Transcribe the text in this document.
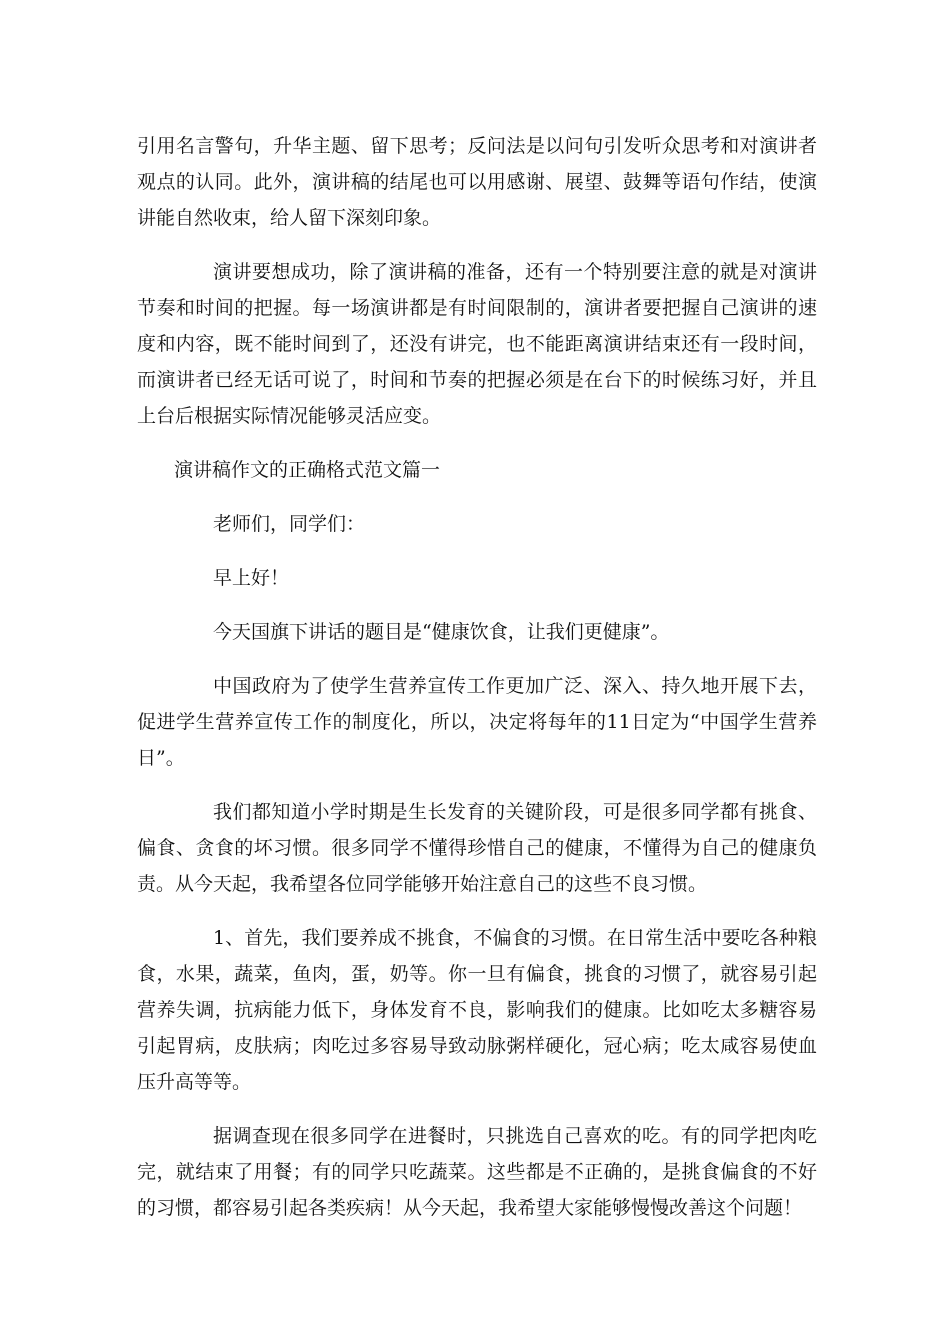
引用名言警句，升华主题、留下思考；反问法是以问句引发听众思考和对演讲者观点的认同。此外，演讲稿的结尾也可以用感谢、展望、鼓舞等语句作结，使演讲能自然收束，给人留下深刻印象。

演讲要想成功，除了演讲稿的准备，还有一个特别要注意的就是对演讲节奏和时间的把握。每一场演讲都是有时间限制的，演讲者要把握自己演讲的速度和内容，既不能时间到了，还没有讲完，也不能距离演讲结束还有一段时间，而演讲者已经无话可说了，时间和节奏的把握必须是在台下的时候练习好，并且上台后根据实际情况能够灵活应变。

演讲稿作文的正确格式范文篇一

老师们，同学们：

早上好！

今天国旗下讲话的题目是“健康饮食，让我们更健康”。

中国政府为了使学生营养宣传工作更加广泛、深入、持久地开展下去，促进学生营养宣传工作的制度化，所以，决定将每年的11日定为“中国学生营养日”。

我们都知道小学时期是生长发育的关键阶段，可是很多同学都有挑食、偏食、贪食的坏习惯。很多同学不懂得珍惜自己的健康，不懂得为自己的健康负责。从今天起，我希望各位同学能够开始注意自己的这些不良习惯。

1、首先，我们要养成不挑食，不偏食的习惯。在日常生活中要吃各种粮食，水果，蔬菜，鱼肉，蛋，奶等。你一旦有偏食，挑食的习惯了，就容易引起营养失调，抗病能力低下，身体发育不良，影响我们的健康。比如吃太多糖容易引起胃病，皮肤病；肉吃过多容易导致动脉粥样硬化，冠心病；吃太咸容易使血压升高等等。

据调查现在很多同学在进餐时，只挑选自己喜欢的吃。有的同学把肉吃完，就结束了用餐；有的同学只吃蔬菜。这些都是不正确的，是挑食偏食的不好的习惯，都容易引起各类疾病！从今天起，我希望大家能够慢慢改善这个问题！
